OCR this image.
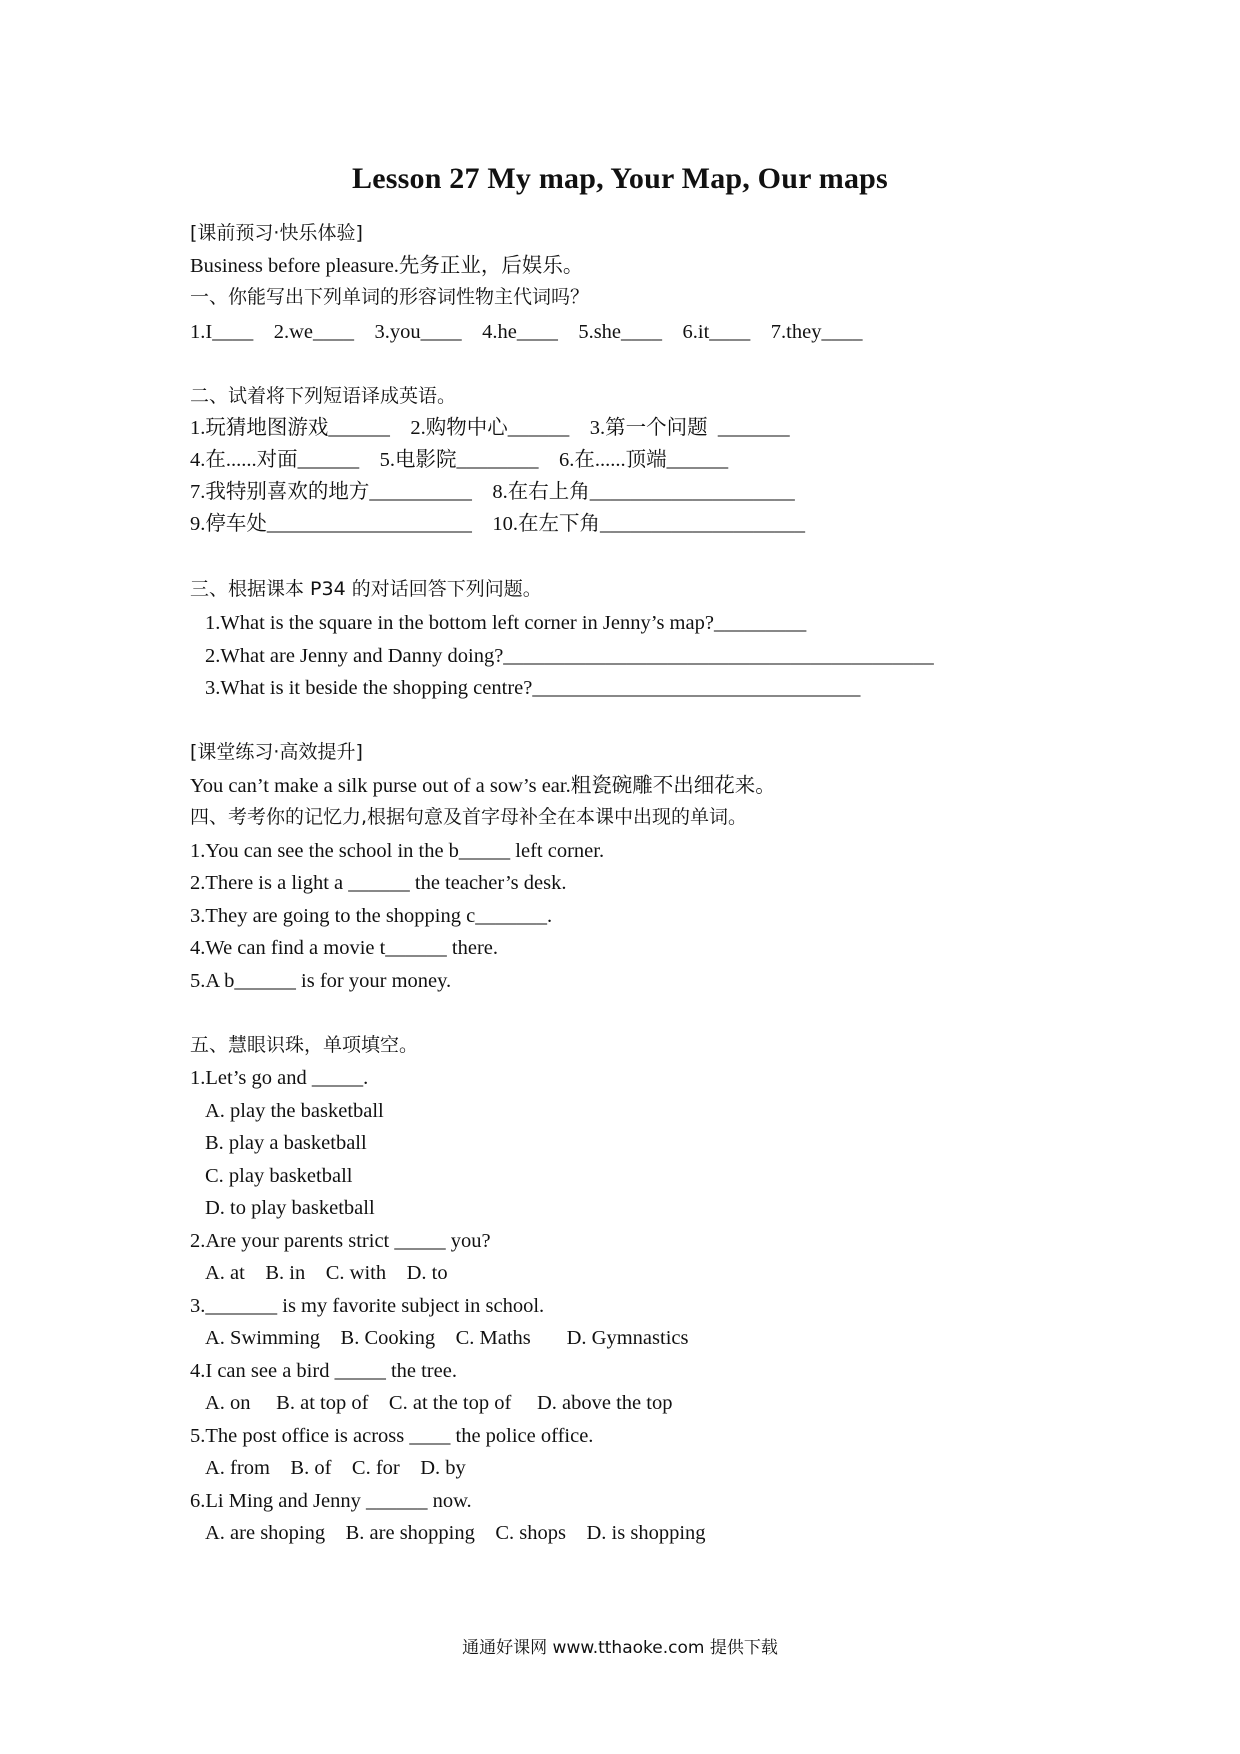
Lesson 27 My map, Your Map, Our maps
[课前预习·快乐体验]
Business before pleasure.先务正业，后娱乐。
一、你能写出下列单词的形容词性物主代词吗？
1.I____    2.we____    3.you____    4.he____    5.she____    6.it____    7.they____
二、试着将下列短语译成英语。
1.玩猜地图游戏______    2.购物中心______    3.第一个问题  _______
4.在......对面______    5.电影院________    6.在......顶端______
7.我特别喜欢的地方__________    8.在右上角____________________
9.停车处____________________    10.在左下角____________________
三、根据课本 P34 的对话回答下列问题。
1.What is the square in the bottom left corner in Jenny’s map?_________
2.What are Jenny and Danny doing?__________________________________________
3.What is it beside the shopping centre?________________________________
[课堂练习·高效提升]
You can’t make a silk purse out of a sow’s ear.粗瓷碗雕不出细花来。
四、考考你的记忆力,根据句意及首字母补全在本课中出现的单词。
1.You can see the school in the b_____ left corner.
2.There is a light a ______ the teacher’s desk.
3.They are going to the shopping c_______.
4.We can find a movie t______ there.
5.A b______ is for your money.
五、慧眼识珠，单项填空。
1.Let’s go and _____.
A. play the basketball
B. play a basketball
C. play basketball
D. to play basketball
2.Are your parents strict _____ you?
A. at    B. in    C. with    D. to
3._______ is my favorite subject in school.
A. Swimming    B. Cooking    C. Maths       D. Gymnastics
4.I can see a bird _____ the tree.
A. on     B. at top of    C. at the top of     D. above the top
5.The post office is across ____ the police office.
A. from    B. of    C. for    D. by
6.Li Ming and Jenny ______ now.
A. are shoping    B. are shopping    C. shops    D. is shopping
通通好课网 www.tthaoke.com 提供下载
